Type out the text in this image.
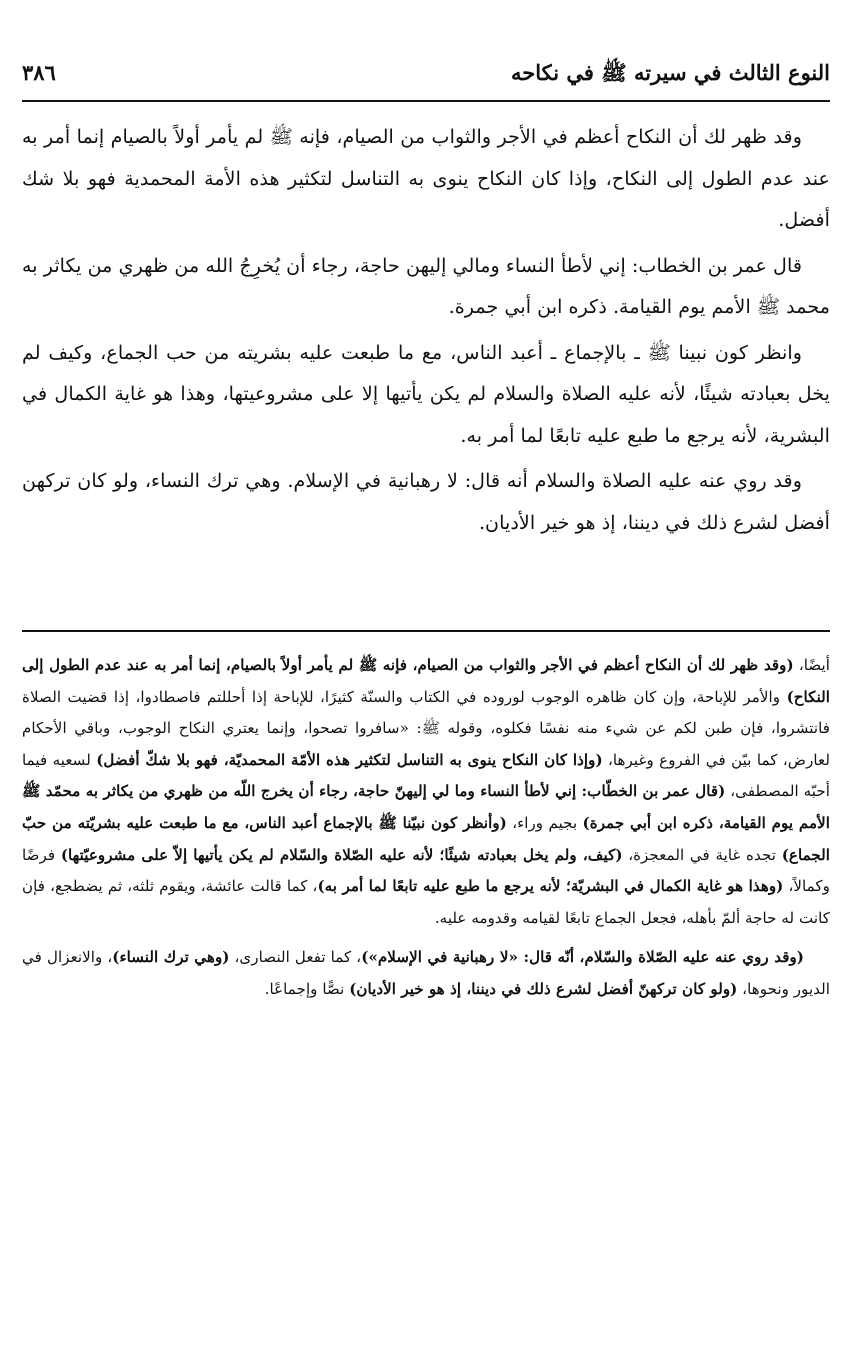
النوع الثالث في سيرته ﷺ في نكاحه
٣٨٦

وقد ظهر لك أن النكاح أعظم في الأجر والثواب من الصيام، فإنه ﷺ لم يأمر أولاً بالصيام إنما أمر به عند عدم الطول إلى النكاح، وإذا كان النكاح ينوى به التناسل لتكثير هذه الأمة المحمدية فهو بلا شك أفضل.

قال عمر بن الخطاب: إني لأطأ النساء ومالي إليهن حاجة، رجاء أن يُخرِجُ الله من ظهري من يكاثر به محمد ﷺ الأمم يوم القيامة. ذكره ابن أبي جمرة.

وانظر كون نبينا ﷺ ـ بالإجماع ـ أعبد الناس، مع ما طبعت عليه بشريته من حب الجماع، وكيف لم يخل بعبادته شيئًا، لأنه عليه الصلاة والسلام لم يكن يأتيها إلا على مشروعيتها، وهذا هو غاية الكمال في البشرية، لأنه يرجع ما طبع عليه تابعًا لما أمر به.

وقد روي عنه عليه الصلاة والسلام أنه قال: لا رهبانية في الإسلام. وهي ترك النساء، ولو كان تركهن أفضل لشرع ذلك في ديننا، إذ هو خير الأديان.

أيضًا، (وقد ظهر لك أن النكاح أعظم في الأجر والثواب من الصيام، فإنه ﷺ لم يأمر أولاً بالصيام، إنما أمر به عند عدم الطول إلى النكاح) والأمر للإباحة، وإن كان ظاهره الوجوب لوروده في الكتاب والسنّة كثيرًا، للإباحة إذا أحللتم فاصطادوا، إذا قضيت الصلاة فانتشروا، فإن طبن لكم عن شيء منه نفسًا فكلوه، وقوله ﷺ: «سافروا تصحوا، وإنما يعتري النكاح الوجوب، وباقي الأحكام لعارض، كما بيّن في الفروع وغيرها، (وإذا كان النكاح ينوى به التناسل لتكثير هذه الأمّة المحمديّة، فهو بلا شكّ أفضل) لسعيه فيما أحبّه المصطفى، (قال عمر بن الخطّاب: إني لأطأ النساء وما لي إليهنّ حاجة، رجاء أن يخرج اللّه من ظهري من يكاثر به محمّد ﷺ الأمم يوم القيامة، ذكره ابن أبي جمرة) بجيم وراء، (وأنظر كون نبيّنا ﷺ بالإجماع أعبد الناس، مع ما طبعت عليه بشريّته من حبّ الجماع) تجده غاية في المعجزة، (كيف، ولم يخل بعبادته شيئًا؛ لأنه عليه الصّلاة والسّلام لم يكن يأتيها إلاّ على مشروعيّتها) فرضًا وكمالاً، (وهذا هو غاية الكمال في البشريّة؛ لأنه يرجع ما طبع عليه تابعًا لما أمر به)، كما قالت عائشة، ويقوم ثلثه، ثم يضطجع، فإن كانت له حاجة ألمّ بأهله، فجعل الجماع تابعًا لقيامه وقدومه عليه.

(وقد روي عنه عليه الصّلاة والسّلام، أنّه قال: «لا رهبانية في الإسلام»)، كما تفعل النصارى، (وهي ترك النساء)، والانعزال في الديور ونحوها، (ولو كان تركهنّ أفضل لشرع ذلك في ديننا، إذ هو خير الأديان) نصًّا وإجماعًا.
